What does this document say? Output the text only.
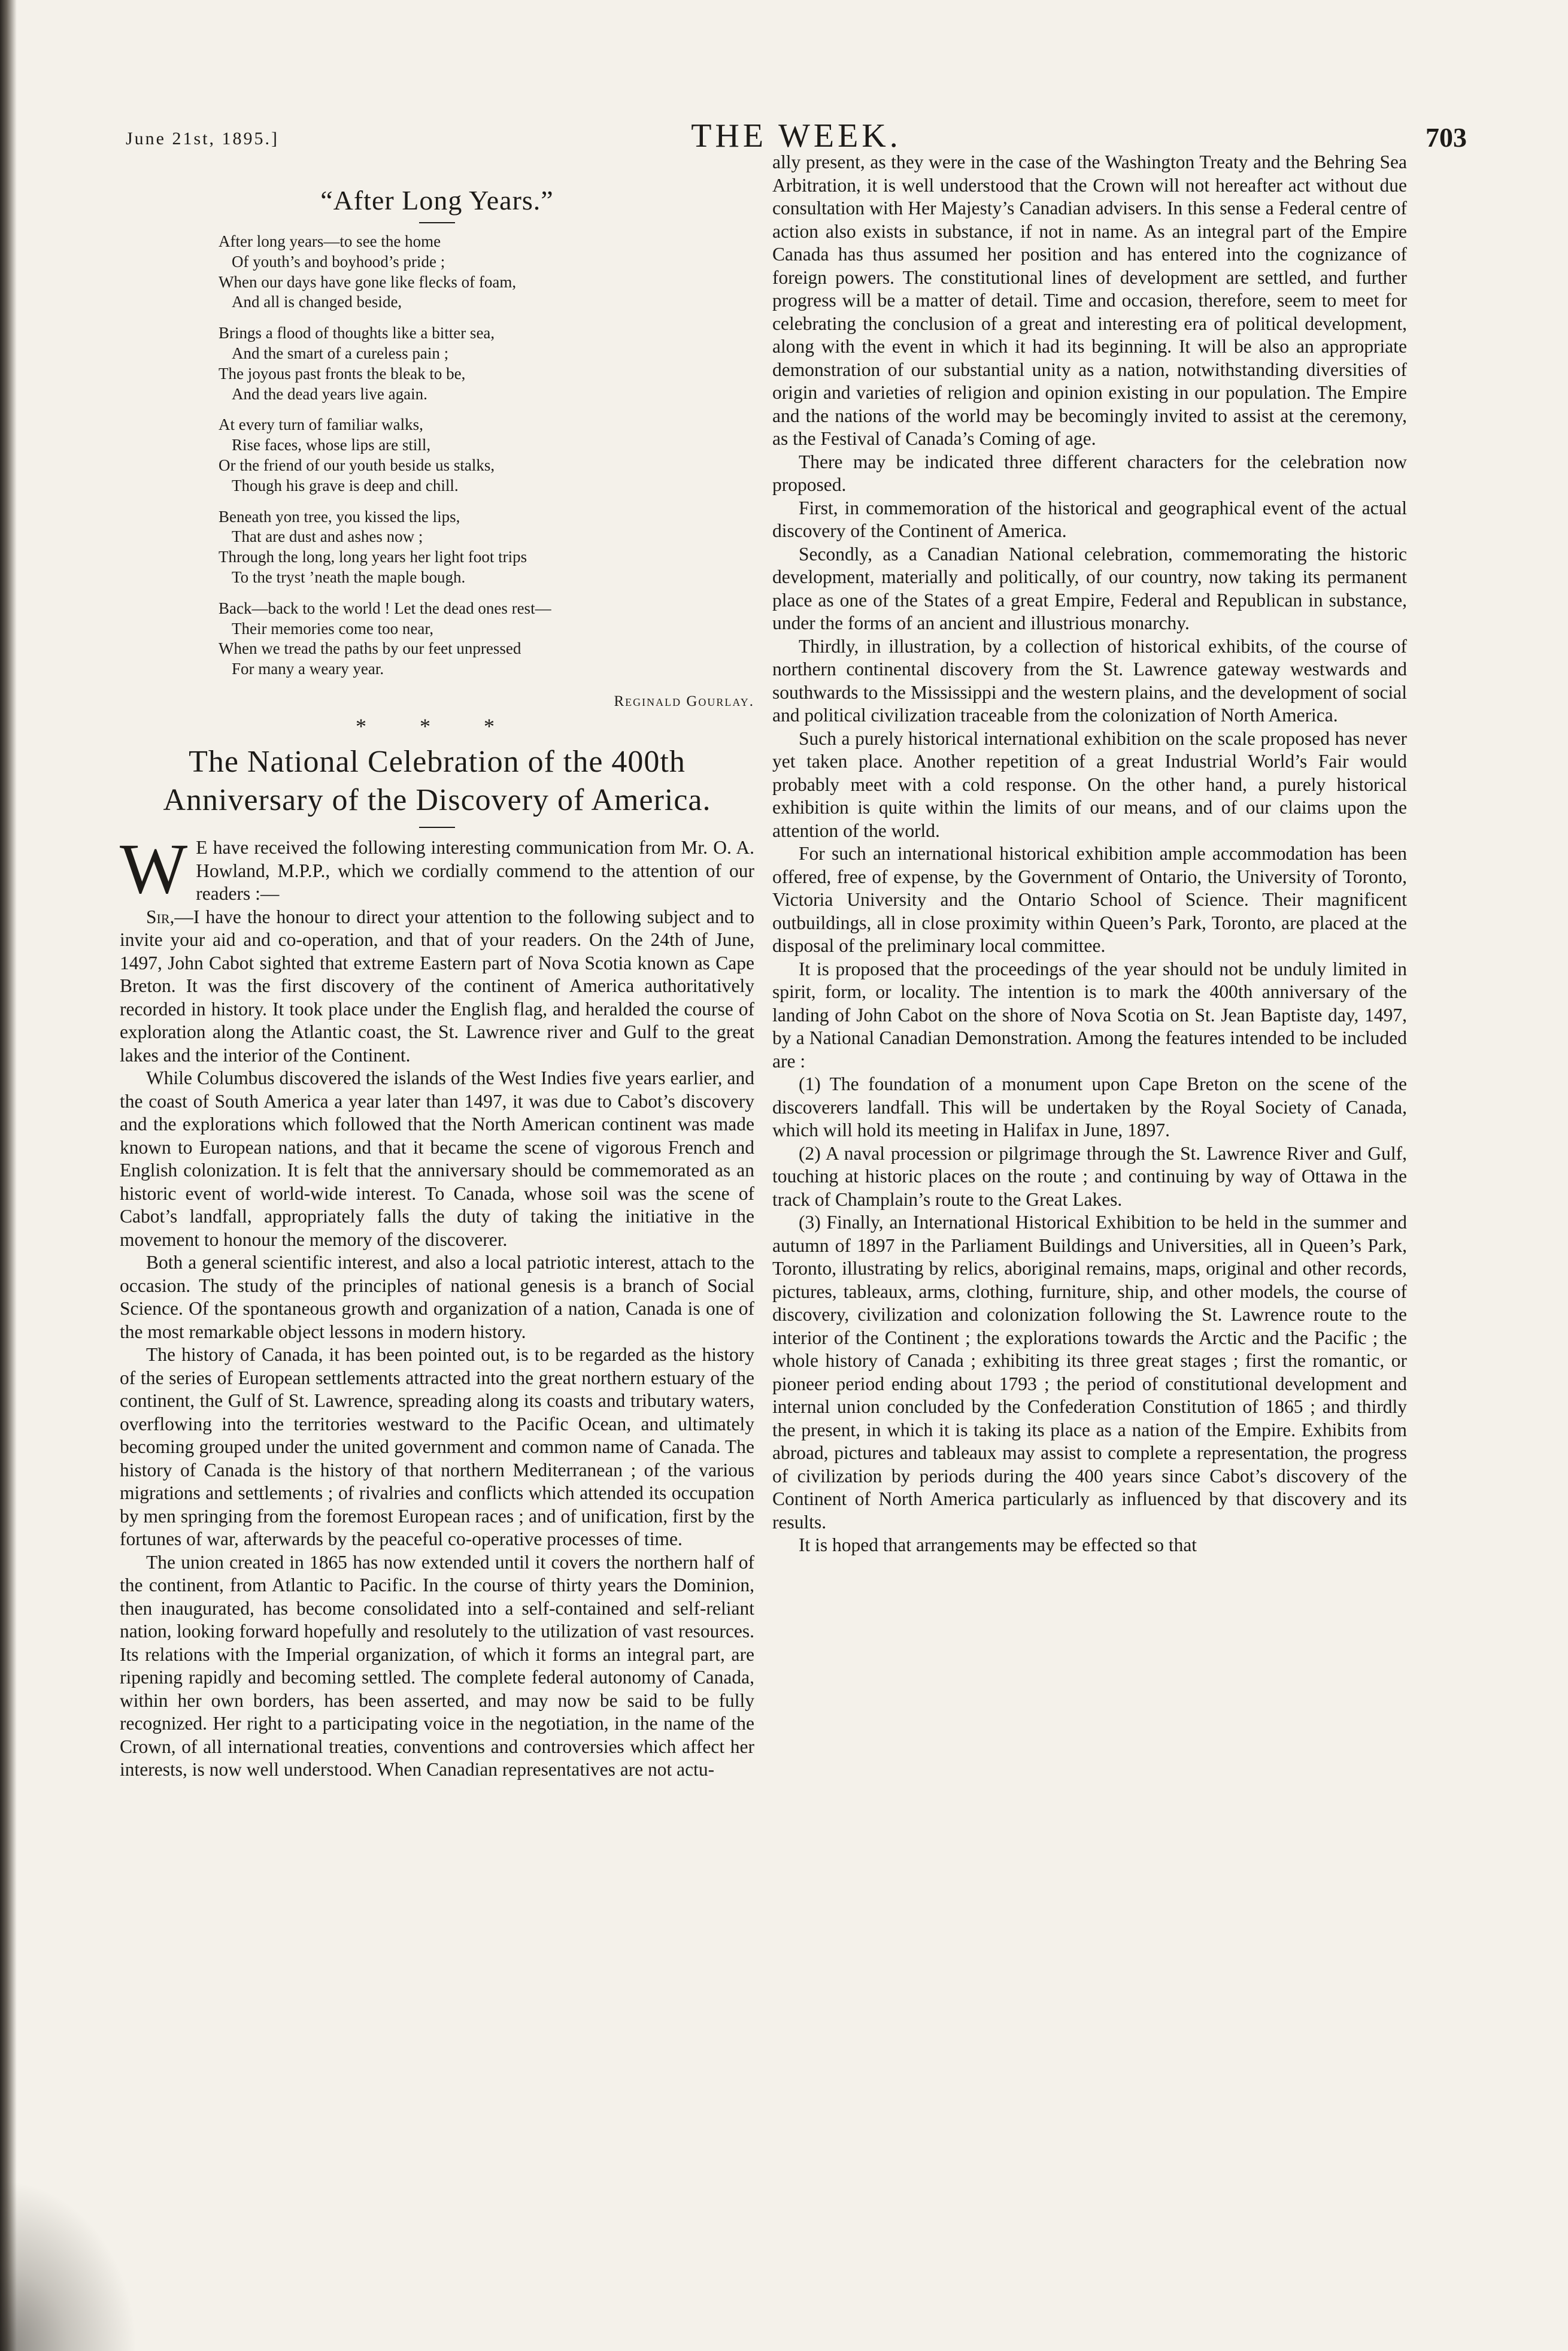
June 21st, 1895.]	THE WEEK.	703
“After Long Years.”
After long years—to see the home
Of youth’s and boyhood’s pride ;
When our days have gone like flecks of foam,
And all is changed beside,
Brings a flood of thoughts like a bitter sea,
And the smart of a cureless pain ;
The joyous past fronts the bleak to be,
And the dead years live again.
At every turn of familiar walks,
Rise faces, whose lips are still,
Or the friend of our youth beside us stalks,
Though his grave is deep and chill.
Beneath yon tree, you kissed the lips,
That are dust and ashes now ;
Through the long, long years her light foot trips
To the tryst ’neath the maple bough.
Back—back to the world ! Let the dead ones rest—
Their memories come too near,
When we tread the paths by our feet unpressed
For many a weary year.
Reginald Gourlay.
* * *
The National Celebration of the 400th Anniversary of the Discovery of America.

W E have received the following interesting communication from Mr. O. A. Howland, M.P.P., which we cordially commend to the attention of our readers :—

Sir,—I have the honour to direct your attention to the following subject and to invite your aid and co-operation, and that of your readers. On the 24th of June, 1497, John Cabot sighted that extreme Eastern part of Nova Scotia known as Cape Breton. It was the first discovery of the continent of America authoritatively recorded in history. It took place under the English flag, and heralded the course of exploration along the Atlantic coast, the St. Lawrence river and Gulf to the great lakes and the interior of the Continent.

While Columbus discovered the islands of the West Indies five years earlier, and the coast of South America a year later than 1497, it was due to Cabot’s discovery and the explorations which followed that the North American continent was made known to European nations, and that it became the scene of vigorous French and English colonization. It is felt that the anniversary should be commemorated as an historic event of world-wide interest. To Canada, whose soil was the scene of Cabot’s landfall, appropriately falls the duty of taking the initiative in the movement to honour the memory of the discoverer.

Both a general scientific interest, and also a local patriotic interest, attach to the occasion. The study of the principles of national genesis is a branch of Social Science. Of the spontaneous growth and organization of a nation, Canada is one of the most remarkable object lessons in modern history.

The history of Canada, it has been pointed out, is to be regarded as the history of the series of European settlements attracted into the great northern estuary of the continent, the Gulf of St. Lawrence, spreading along its coasts and tributary waters, overflowing into the territories westward to the Pacific Ocean, and ultimately becoming grouped under the united government and common name of Canada. The history of Canada is the history of that northern Mediterranean ; of the various migrations and settlements ; of rivalries and conflicts which attended its occupation by men springing from the foremost European races ; and of unification, first by the fortunes of war, afterwards by the peaceful co-operative processes of time.

The union created in 1865 has now extended until it covers the northern half of the continent, from Atlantic to Pacific. In the course of thirty years the Dominion, then inaugurated, has become consolidated into a self-contained and self-reliant nation, looking forward hopefully and resolutely to the utilization of vast resources. Its relations with the Imperial organization, of which it forms an integral part, are ripening rapidly and becoming settled. The complete federal autonomy of Canada, within her own borders, has been asserted, and may now be said to be fully recognized. Her right to a participating voice in the negotiation, in the name of the Crown, of all international treaties, conventions and controversies which affect her interests, is now well understood. When Canadian representatives are not actu-

ally present, as they were in the case of the Washington Treaty and the Behring Sea Arbitration, it is well understood that the Crown will not hereafter act without due consultation with Her Majesty’s Canadian advisers. In this sense a Federal centre of action also exists in substance, if not in name. As an integral part of the Empire Canada has thus assumed her position and has entered into the cognizance of foreign powers. The constitutional lines of development are settled, and further progress will be a matter of detail. Time and occasion, therefore, seem to meet for celebrating the conclusion of a great and interesting era of political development, along with the event in which it had its beginning. It will be also an appropriate demonstration of our substantial unity as a nation, notwithstanding diversities of origin and varieties of religion and opinion existing in our population. The Empire and the nations of the world may be becomingly invited to assist at the ceremony, as the Festival of Canada’s Coming of age.

There may be indicated three different characters for the celebration now proposed.

First, in commemoration of the historical and geographical event of the actual discovery of the Continent of America.

Secondly, as a Canadian National celebration, commemorating the historic development, materially and politically, of our country, now taking its permanent place as one of the States of a great Empire, Federal and Republican in substance, under the forms of an ancient and illustrious monarchy.

Thirdly, in illustration, by a collection of historical exhibits, of the course of northern continental discovery from the St. Lawrence gateway westwards and southwards to the Mississippi and the western plains, and the development of social and political civilization traceable from the colonization of North America.

Such a purely historical international exhibition on the scale proposed has never yet taken place. Another repetition of a great Industrial World’s Fair would probably meet with a cold response. On the other hand, a purely historical exhibition is quite within the limits of our means, and of our claims upon the attention of the world.

For such an international historical exhibition ample accommodation has been offered, free of expense, by the Government of Ontario, the University of Toronto, Victoria University and the Ontario School of Science. Their magnificent outbuildings, all in close proximity within Queen’s Park, Toronto, are placed at the disposal of the preliminary local committee.

It is proposed that the proceedings of the year should not be unduly limited in spirit, form, or locality. The intention is to mark the 400th anniversary of the landing of John Cabot on the shore of Nova Scotia on St. Jean Baptiste day, 1497, by a National Canadian Demonstration. Among the features intended to be included are :

(1) The foundation of a monument upon Cape Breton on the scene of the discoverers landfall. This will be undertaken by the Royal Society of Canada, which will hold its meeting in Halifax in June, 1897.

(2) A naval procession or pilgrimage through the St. Lawrence River and Gulf, touching at historic places on the route ; and continuing by way of Ottawa in the track of Champlain’s route to the Great Lakes.

(3) Finally, an International Historical Exhibition to be held in the summer and autumn of 1897 in the Parliament Buildings and Universities, all in Queen’s Park, Toronto, illustrating by relics, aboriginal remains, maps, original and other records, pictures, tableaux, arms, clothing, furniture, ship, and other models, the course of discovery, civilization and colonization following the St. Lawrence route to the interior of the Continent ; the explorations towards the Arctic and the Pacific ; the whole history of Canada ; exhibiting its three great stages ; first the romantic, or pioneer period ending about 1793 ; the period of constitutional development and internal union concluded by the Confederation Constitution of 1865 ; and thirdly the present, in which it is taking its place as a nation of the Empire. Exhibits from abroad, pictures and tableaux may assist to complete a representation, the progress of civilization by periods during the 400 years since Cabot’s discovery of the Continent of North America particularly as influenced by that discovery and its results.

It is hoped that arrangements may be effected so that
